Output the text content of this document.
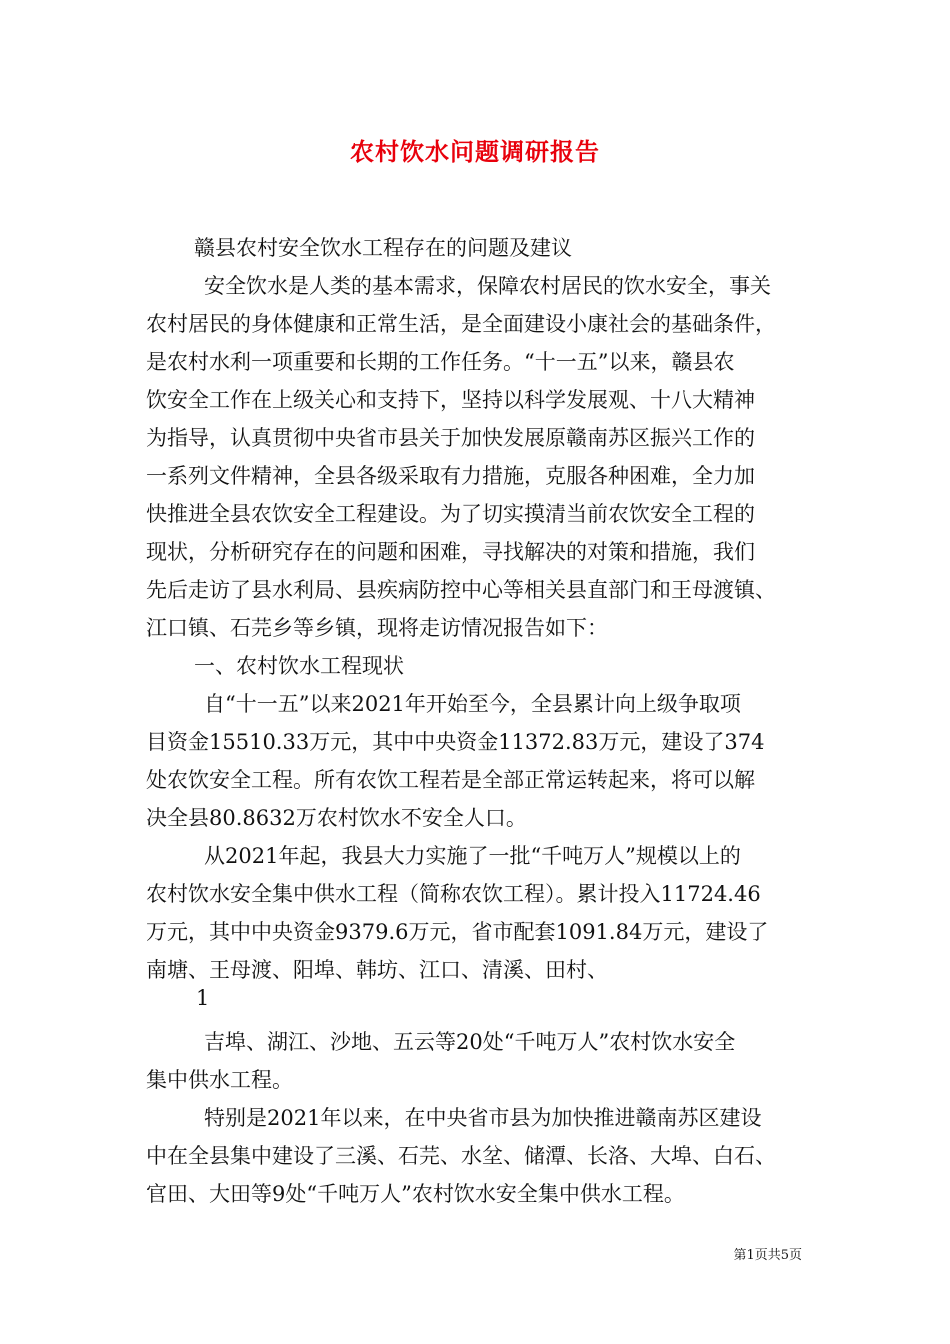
农村饮水问题调研报告
赣县农村安全饮水工程存在的问题及建议
安全饮水是人类的基本需求，保障农村居民的饮水安全，事关
农村居民的身体健康和正常生活，是全面建设小康社会的基础条件，
是农村水利一项重要和长期的工作任务。“十一五”以来，赣县农
饮安全工作在上级关心和支持下，坚持以科学发展观、十八大精神
为指导，认真贯彻中央省市县关于加快发展原赣南苏区振兴工作的
一系列文件精神，全县各级采取有力措施，克服各种困难，全力加
快推进全县农饮安全工程建设。为了切实摸清当前农饮安全工程的
现状，分析研究存在的问题和困难，寻找解决的对策和措施，我们
先后走访了县水利局、县疾病防控中心等相关县直部门和王母渡镇、
江口镇、石芫乡等乡镇，现将走访情况报告如下：
一、农村饮水工程现状
自“十一五”以来2021年开始至今，全县累计向上级争取项
目资金15510.33万元，其中中央资金11372.83万元，建设了374
处农饮安全工程。所有农饮工程若是全部正常运转起来，将可以解
决全县80.8632万农村饮水不安全人口。
从2021年起，我县大力实施了一批“千吨万人”规模以上的
农村饮水安全集中供水工程（简称农饮工程）。累计投入11724.46
万元，其中中央资金9379.6万元，省市配套1091.84万元，建设了
南塘、王母渡、阳埠、韩坊、江口、清溪、田村、
吉埠、湖江、沙地、五云等20处“千吨万人”农村饮水安全
集中供水工程。
特别是2021年以来，在中央省市县为加快推进赣南苏区建设
中在全县集中建设了三溪、石芫、水坌、储潭、长洛、大埠、白石、
官田、大田等9处“千吨万人”农村饮水安全集中供水工程。
1
第1页共5页
